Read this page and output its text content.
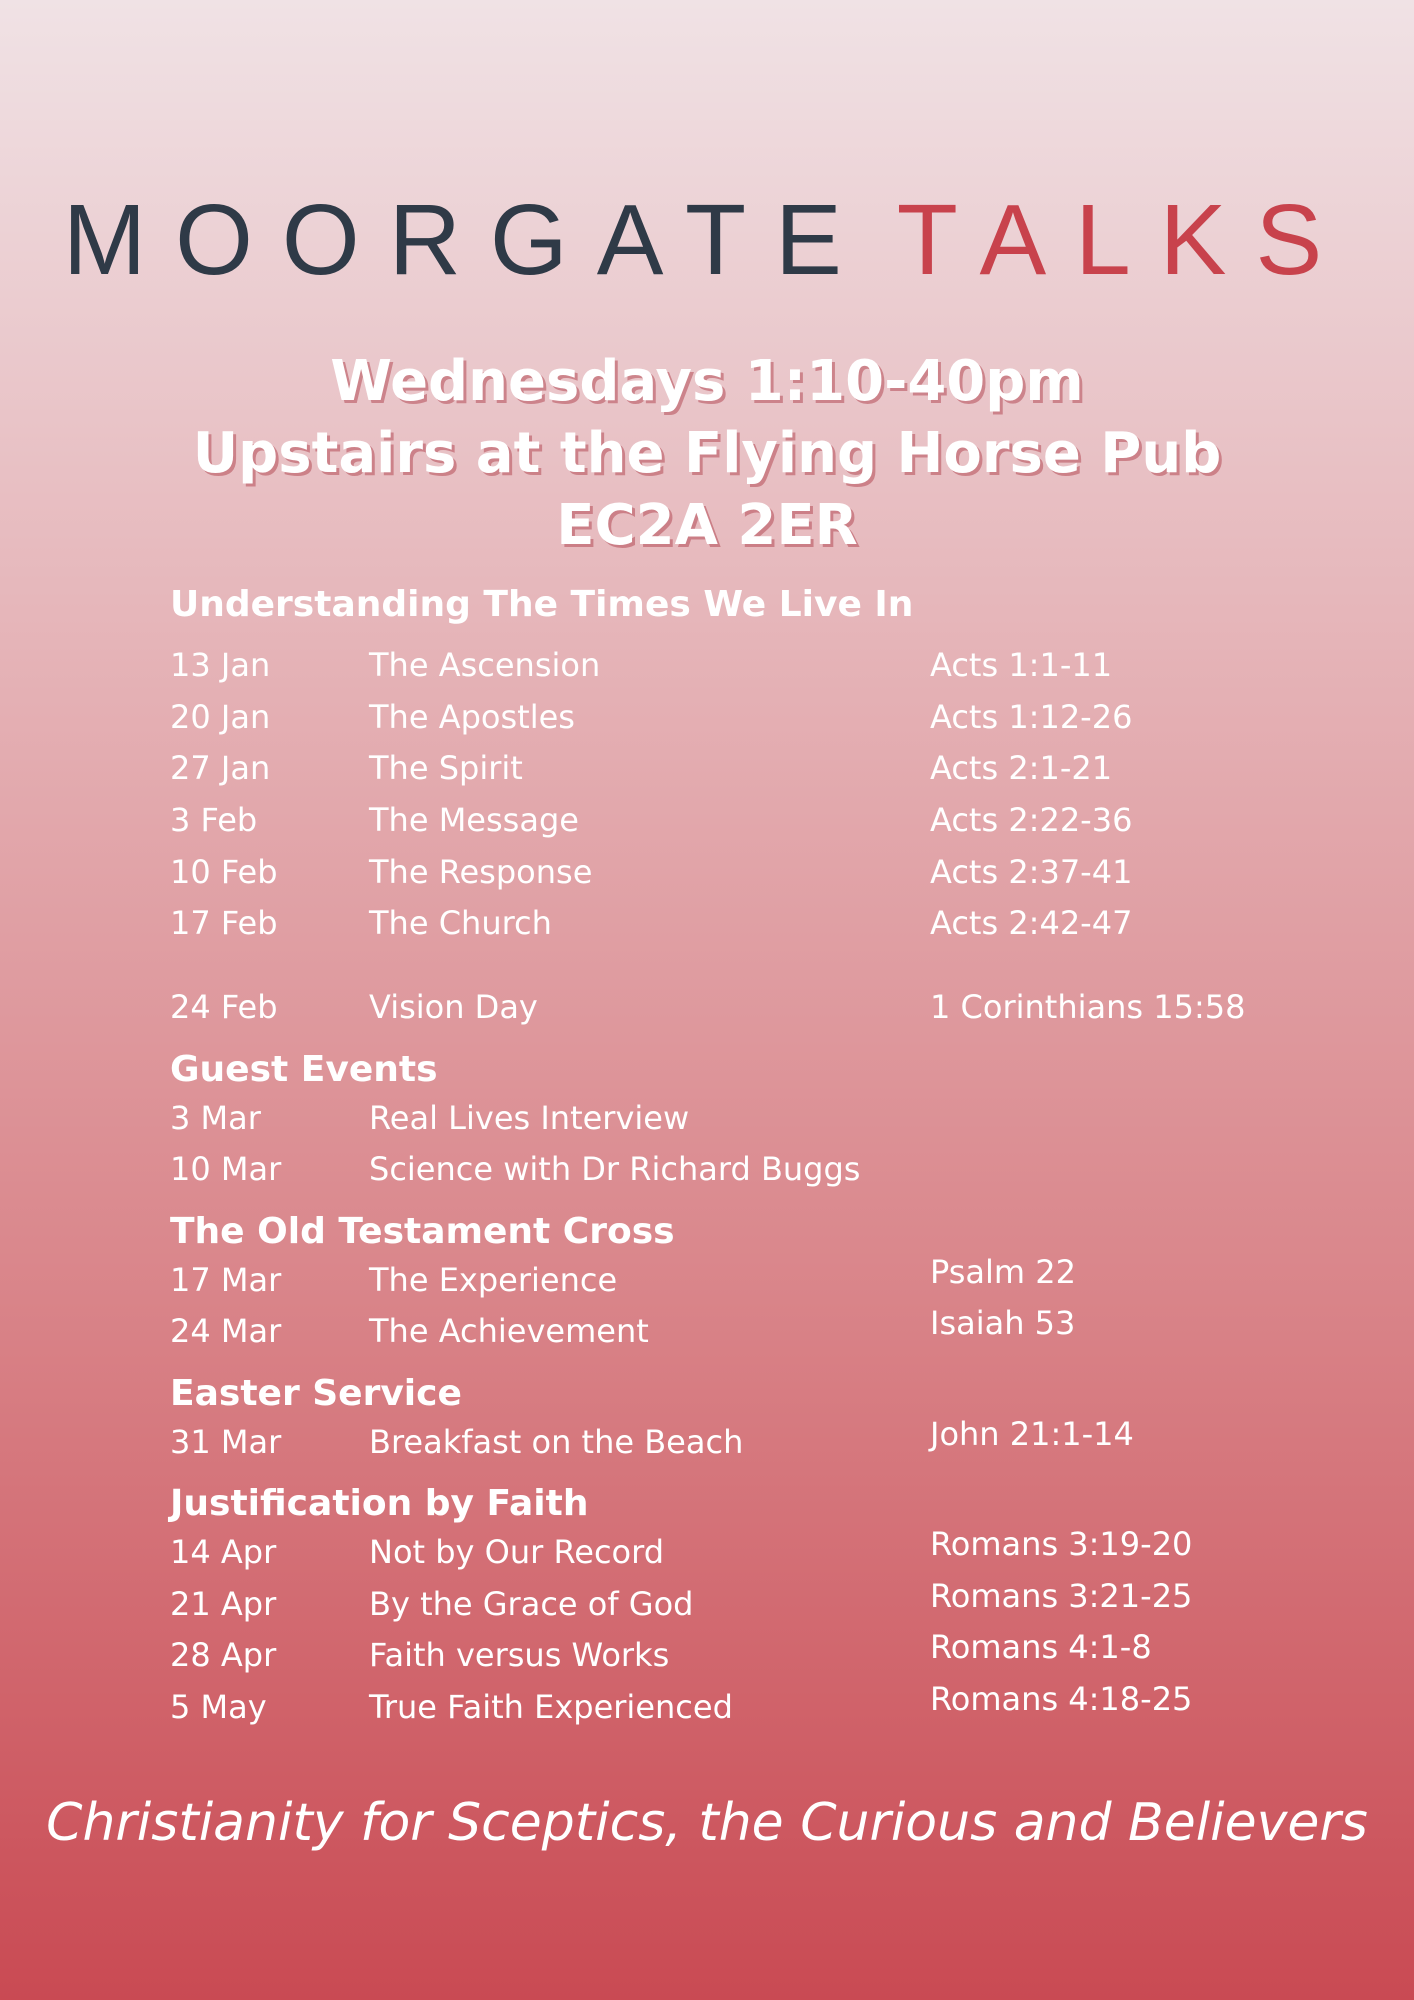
MOORGATE TALKS
Wednesdays 1:10-40pm
Upstairs at the Flying Horse Pub
EC2A 2ER
Understanding The Times We Live In
13 Jan	The Ascension	Acts 1:1-11
20 Jan	The Apostles	Acts 1:12-26
27 Jan	The Spirit	Acts 2:1-21
3 Feb	The Message	Acts 2:22-36
10 Feb	The Response	Acts 2:37-41
17 Feb	The Church	Acts 2:42-47
24 Feb	Vision Day	1 Corinthians 15:58
Guest Events
3 Mar	Real Lives Interview
10 Mar	Science with Dr Richard Buggs
The Old Testament Cross
17 Mar	The Experience	Psalm 22
24 Mar	The Achievement	Isaiah 53
Easter Service
31 Mar	Breakfast on the Beach	John 21:1-14
Justification by Faith
14 Apr	Not by Our Record	Romans 3:19-20
21 Apr	By the Grace of God	Romans 3:21-25
28 Apr	Faith versus Works	Romans 4:1-8
5 May	True Faith Experienced	Romans 4:18-25
Christianity for Sceptics, the Curious and Believers
